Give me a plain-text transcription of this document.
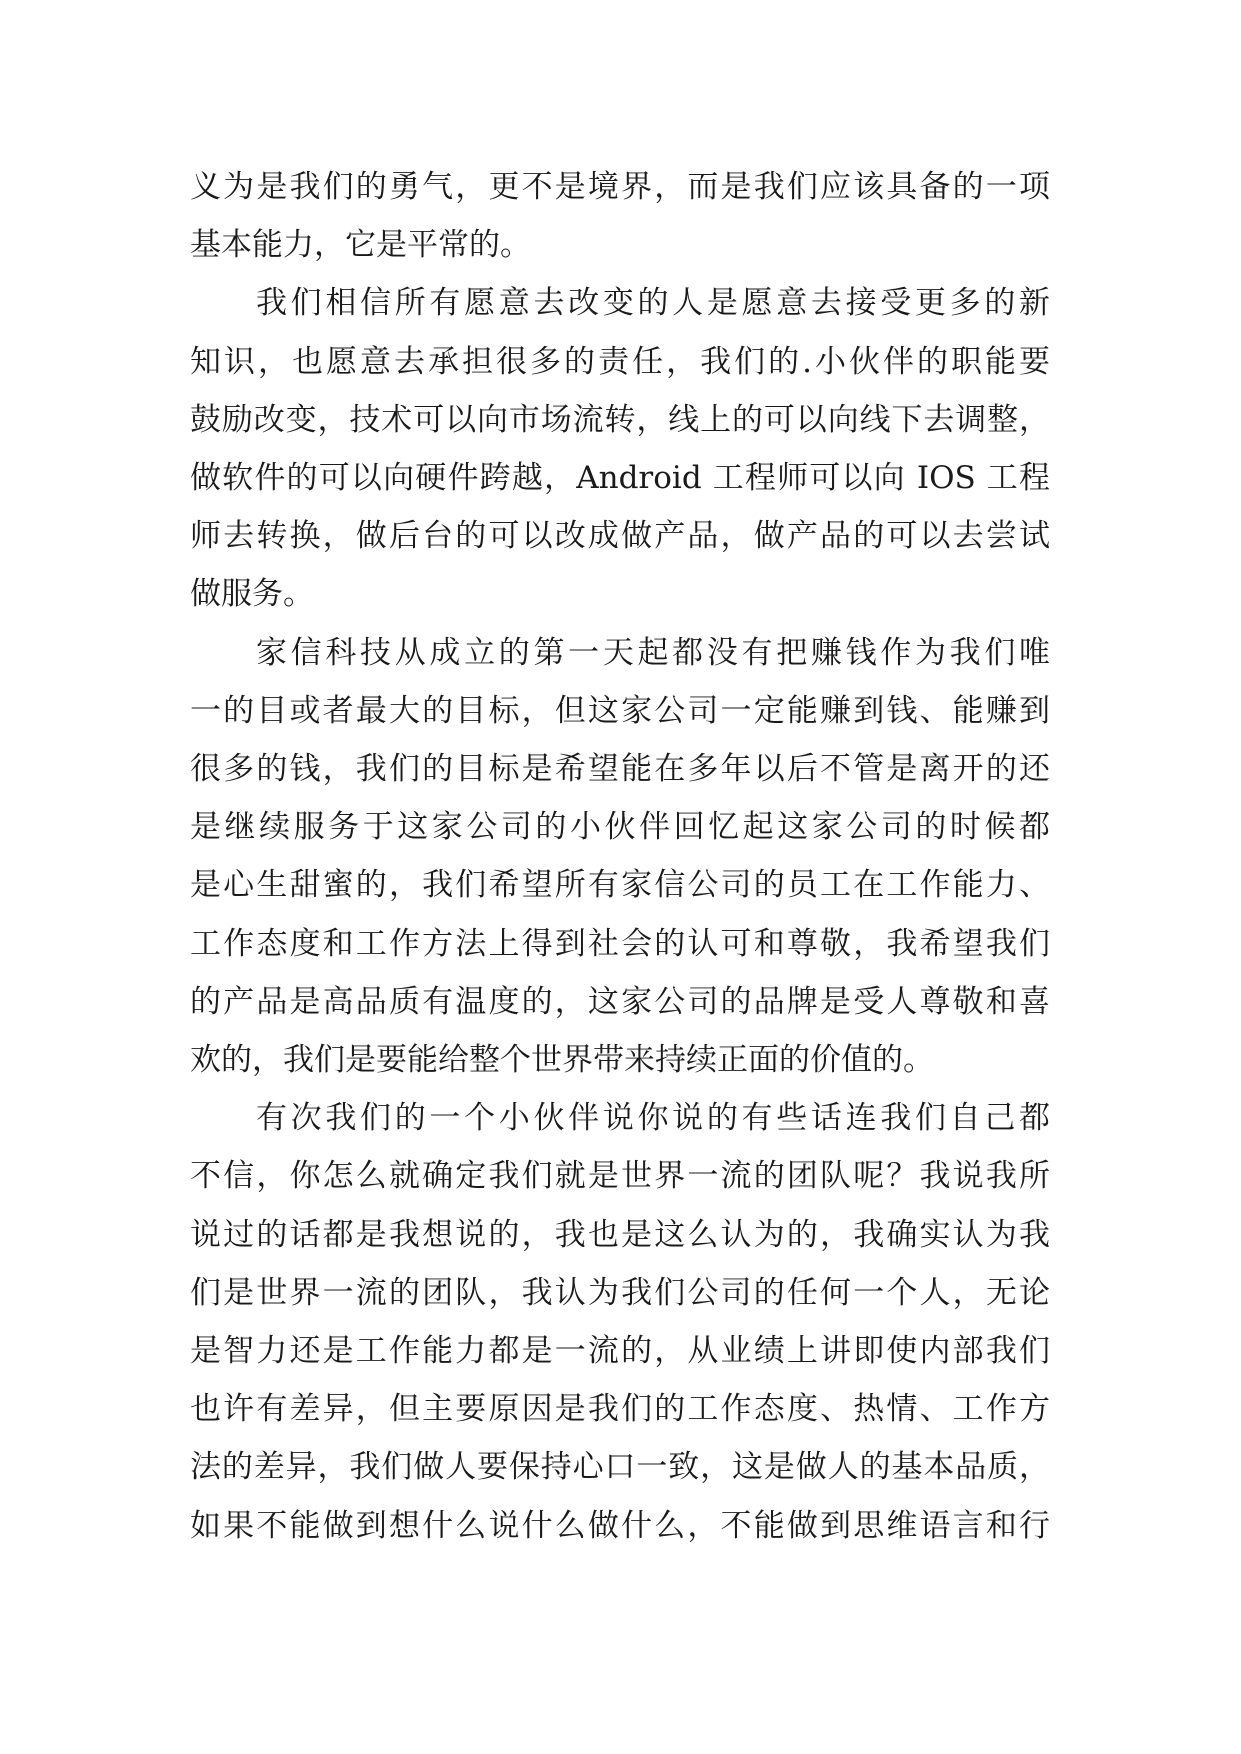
义为是我们的勇气，更不是境界，而是我们应该具备的一项
基本能力，它是平常的。
我们相信所有愿意去改变的人是愿意去接受更多的新
知识，也愿意去承担很多的责任，我们的.小伙伴的职能要
鼓励改变，技术可以向市场流转，线上的可以向线下去调整，
做软件的可以向硬件跨越，Android 工程师可以向 IOS 工程
师去转换，做后台的可以改成做产品，做产品的可以去尝试
做服务。
家信科技从成立的第一天起都没有把赚钱作为我们唯
一的目或者最大的目标，但这家公司一定能赚到钱、能赚到
很多的钱，我们的目标是希望能在多年以后不管是离开的还
是继续服务于这家公司的小伙伴回忆起这家公司的时候都
是心生甜蜜的，我们希望所有家信公司的员工在工作能力、
工作态度和工作方法上得到社会的认可和尊敬，我希望我们
的产品是高品质有温度的，这家公司的品牌是受人尊敬和喜
欢的，我们是要能给整个世界带来持续正面的价值的。
有次我们的一个小伙伴说你说的有些话连我们自己都
不信，你怎么就确定我们就是世界一流的团队呢？我说我所
说过的话都是我想说的，我也是这么认为的，我确实认为我
们是世界一流的团队，我认为我们公司的任何一个人，无论
是智力还是工作能力都是一流的，从业绩上讲即使内部我们
也许有差异，但主要原因是我们的工作态度、热情、工作方
法的差异，我们做人要保持心口一致，这是做人的基本品质，
如果不能做到想什么说什么做什么，不能做到思维语言和行
